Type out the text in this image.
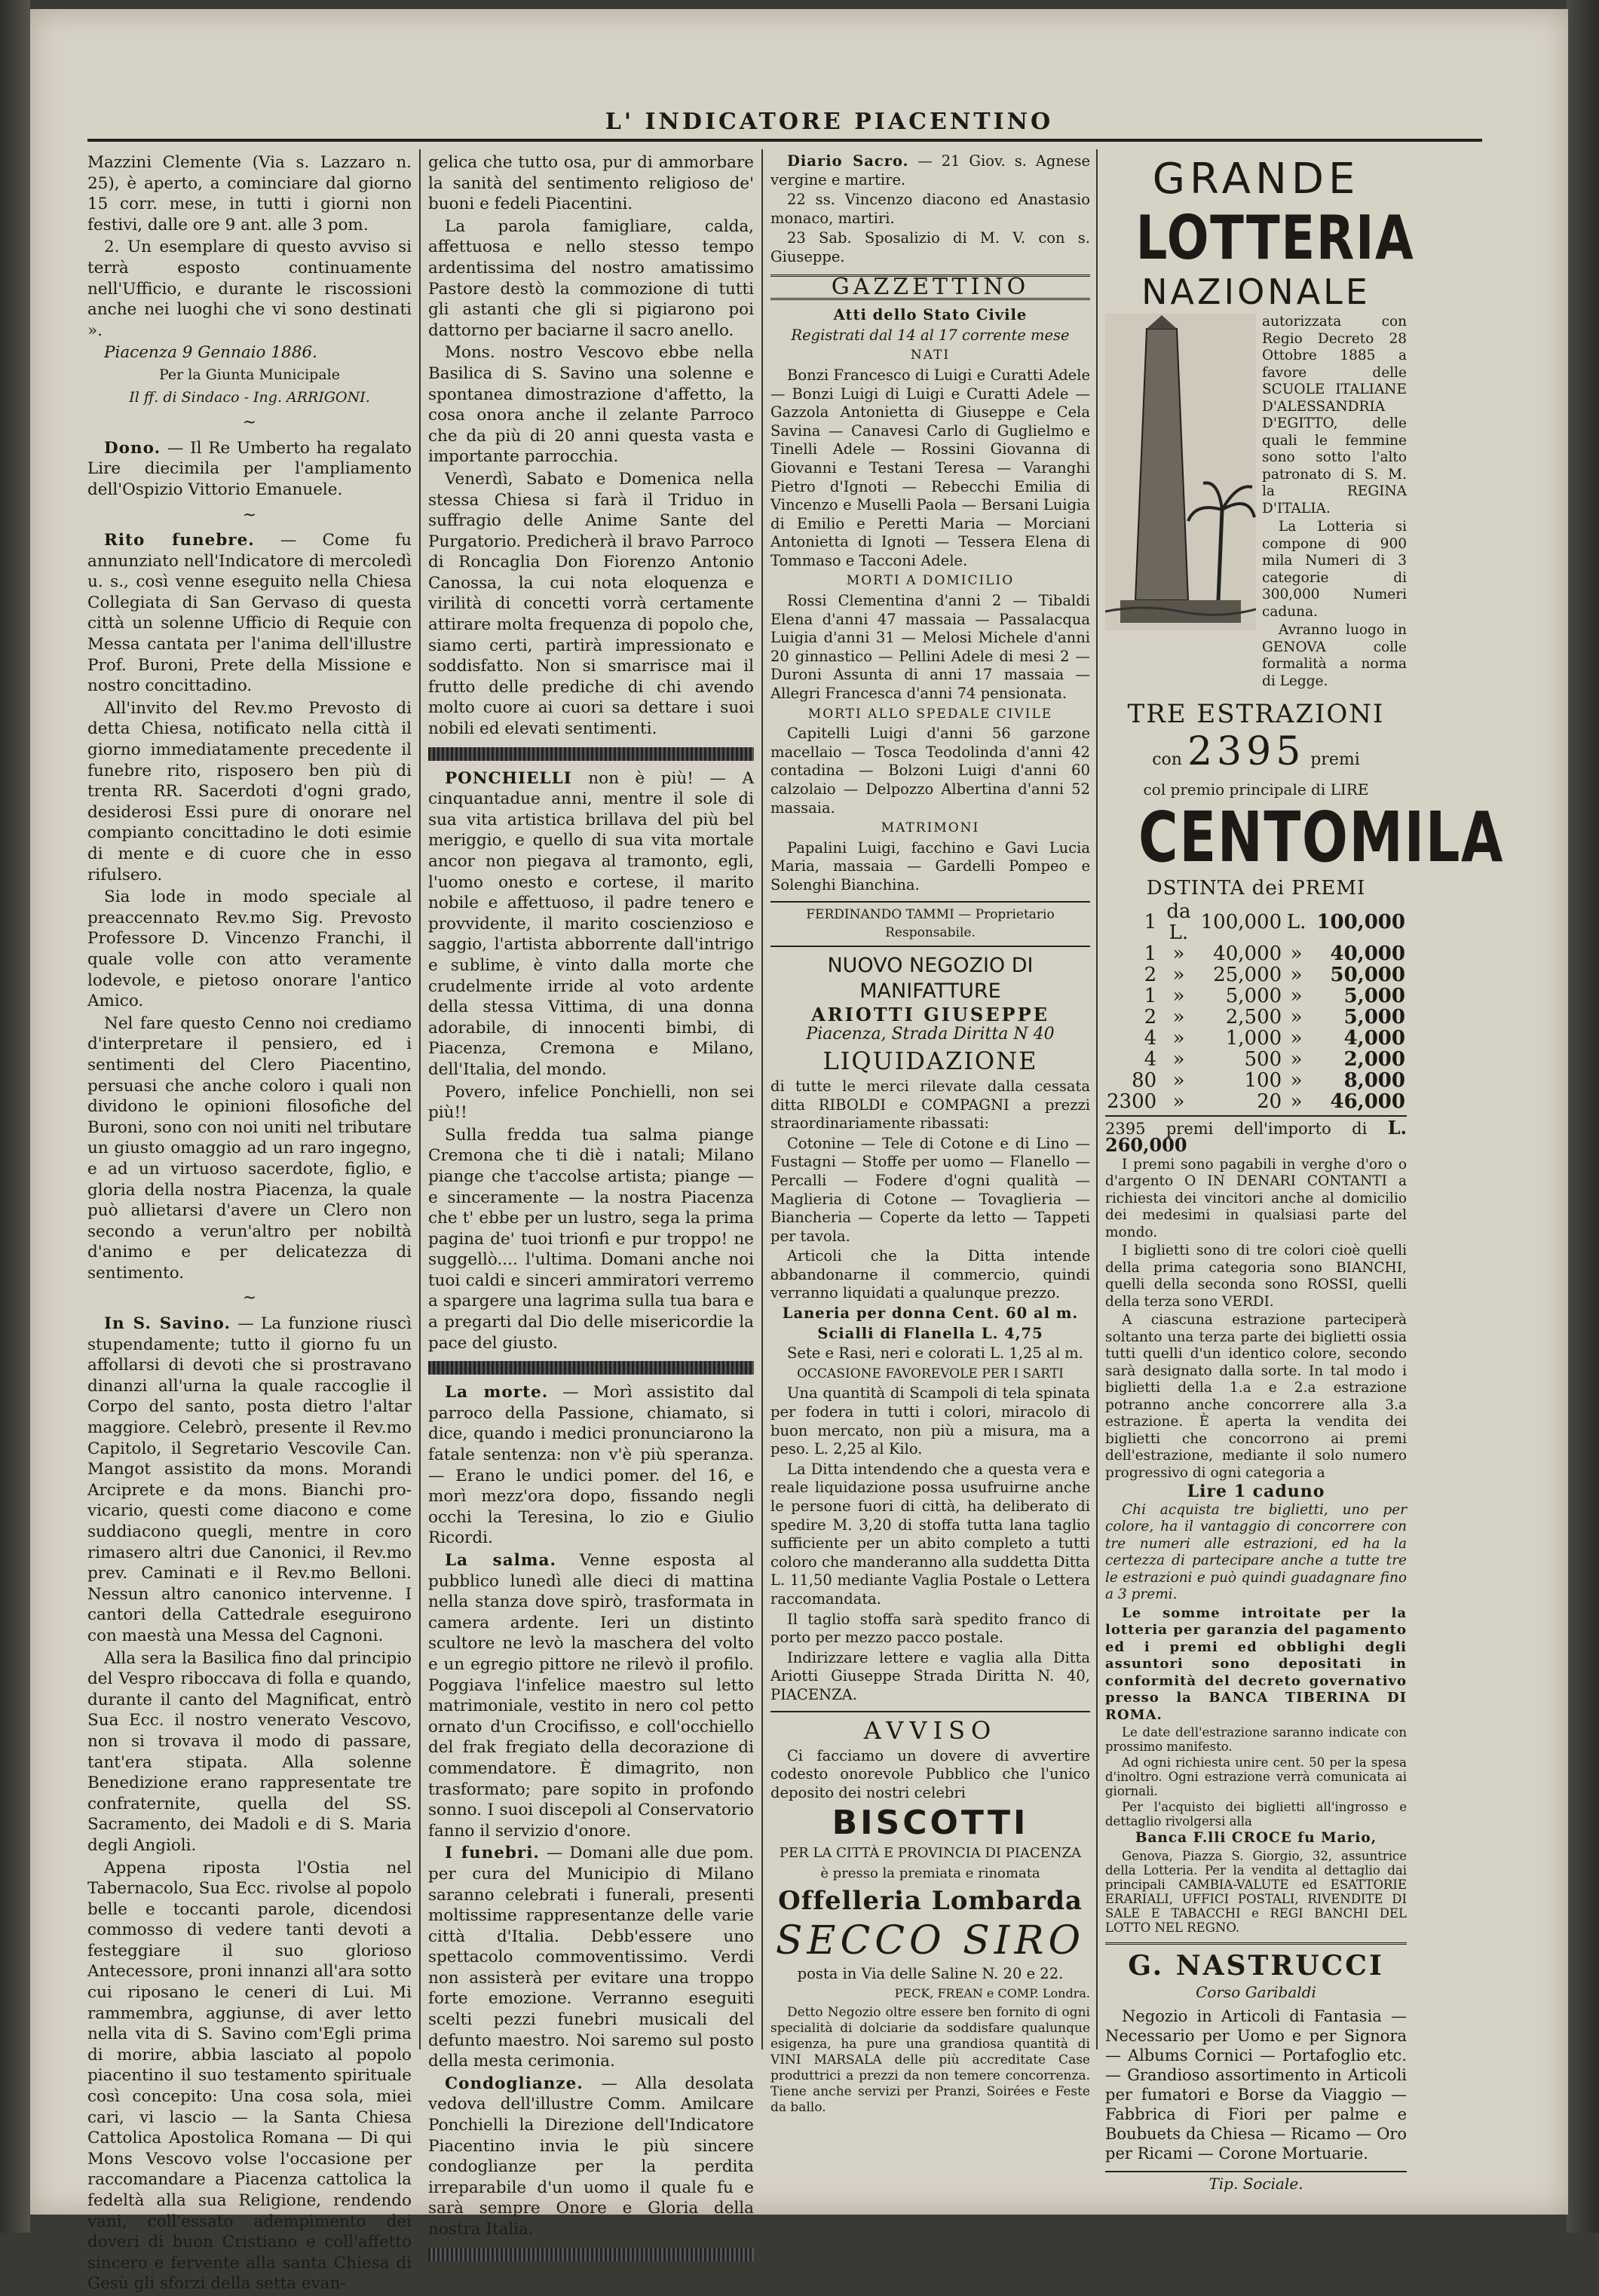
L' INDICATORE PIACENTINO

Mazzini Clemente (Via s. Lazzaro n. 25), è aperto, a cominciare dal giorno 15 corr. mese, in tutti i giorni non festivi, dalle ore 9 ant. alle 3 pom.

2. Un esemplare di questo avviso si terrà esposto continuamente nell'Ufficio, e durante le riscossioni anche nei luoghi che vi sono destinati ».

Piacenza 9 Gennaio 1886.

Per la Giunta Municipale

Il ff. di Sindaco - Ing. ARRIGONI.

~

Dono. — Il Re Umberto ha regalato Lire diecimila per l'ampliamento dell'Ospizio Vittorio Emanuele.

~

Rito funebre. — Come fu annunziato nell'Indicatore di mercoledì u. s., così venne eseguito nella Chiesa Collegiata di San Gervaso di questa città un solenne Ufficio di Requie con Messa cantata per l'anima dell'illustre Prof. Buroni, Prete della Missione e nostro concittadino.

All'invito del Rev.mo Prevosto di detta Chiesa, notificato nella città il giorno immediatamente precedente il funebre rito, risposero ben più di trenta RR. Sacerdoti d'ogni grado, desiderosi Essi pure di onorare nel compianto concittadino le doti esimie di mente e di cuore che in esso rifulsero.

Sia lode in modo speciale al preaccennato Rev.mo Sig. Prevosto Professore D. Vincenzo Franchi, il quale volle con atto veramente lodevole, e pietoso onorare l'antico Amico.

Nel fare questo Cenno noi crediamo d'interpretare il pensiero, ed i sentimenti del Clero Piacentino, persuasi che anche coloro i quali non dividono le opinioni filosofiche del Buroni, sono con noi uniti nel tributare un giusto omaggio ad un raro ingegno, e ad un virtuoso sacerdote, figlio, e gloria della nostra Piacenza, la quale può allietarsi d'avere un Clero non secondo a verun'altro per nobiltà d'animo e per delicatezza di sentimento.

~

In S. Savino. — La funzione riuscì stupendamente; tutto il giorno fu un affollarsi di devoti che si prostravano dinanzi all'urna la quale raccoglie il Corpo del santo, posta dietro l'altar maggiore. Celebrò, presente il Rev.mo Capitolo, il Segretario Vescovile Can. Mangot assistito da mons. Morandi Arciprete e da mons. Bianchi pro-vicario, questi come diacono e come suddiacono quegli, mentre in coro rimasero altri due Canonici, il Rev.mo prev. Caminati e il Rev.mo Belloni. Nessun altro canonico intervenne. I cantori della Cattedrale eseguirono con maestà una Messa del Cagnoni.

Alla sera la Basilica fino dal principio del Vespro riboccava di folla e quando, durante il canto del Magnificat, entrò Sua Ecc. il nostro venerato Vescovo, non si trovava il modo di passare, tant'era stipata. Alla solenne Benedizione erano rappresentate tre confraternite, quella del SS. Sacramento, dei Madoli e di S. Maria degli Angioli.

Appena riposta l'Ostia nel Tabernacolo, Sua Ecc. rivolse al popolo belle e toccanti parole, dicendosi commosso di vedere tanti devoti a festeggiare il suo glorioso Antecessore, proni innanzi all'ara sotto cui riposano le ceneri di Lui. Mi rammembra, aggiunse, di aver letto nella vita di S. Savino com'Egli prima di morire, abbia lasciato al popolo piacentino il suo testamento spirituale così concepito: Una cosa sola, miei cari, vi lascio — la Santa Chiesa Cattolica Apostolica Romana — Di qui Mons Vescovo volse l'occasione per raccomandare a Piacenza cattolica la fedeltà alla sua Religione, rendendo vani, coll'essato adempimento dei doveri di buon Cristiano e coll'affetto sincero e fervente alla santa Chiesa di Gesù gli sforzi della setta evan-

gelica che tutto osa, pur di ammorbare la sanità del sentimento religioso de' buoni e fedeli Piacentini.

La parola famigliare, calda, affettuosa e nello stesso tempo ardentissima del nostro amatissimo Pastore destò la commozione di tutti gli astanti che gli si pigiarono poi dattorno per baciarne il sacro anello.

Mons. nostro Vescovo ebbe nella Basilica di S. Savino una solenne e spontanea dimostrazione d'affetto, la cosa onora anche il zelante Parroco che da più di 20 anni questa vasta e importante parrocchia.

Venerdì, Sabato e Domenica nella stessa Chiesa si farà il Triduo in suffragio delle Anime Sante del Purgatorio. Predicherà il bravo Parroco di Roncaglia Don Fiorenzo Antonio Canossa, la cui nota eloquenza e virilità di concetti vorrà certamente attirare molta frequenza di popolo che, siamo certi, partirà impressionato e soddisfatto. Non si smarrisce mai il frutto delle prediche di chi avendo molto cuore ai cuori sa dettare i suoi nobili ed elevati sentimenti.

PONCHIELLI non è più! — A cinquantadue anni, mentre il sole di sua vita artistica brillava del più bel meriggio, e quello di sua vita mortale ancor non piegava al tramonto, egli, l'uomo onesto e cortese, il marito nobile e affettuoso, il padre tenero e provvidente, il marito coscienzioso e saggio, l'artista abborrente dall'intrigo e sublime, è vinto dalla morte che crudelmente irride al voto ardente della stessa Vittima, di una donna adorabile, di innocenti bimbi, di Piacenza, Cremona e Milano, dell'Italia, del mondo.

Povero, infelice Ponchielli, non sei più!!

Sulla fredda tua salma piange Cremona che ti diè i natali; Milano piange che t'accolse artista; piange — e sinceramente — la nostra Piacenza che t' ebbe per un lustro, sega la prima pagina de' tuoi trionfi e pur troppo! ne suggellò.... l'ultima. Domani anche noi tuoi caldi e sinceri ammiratori verremo a spargere una lagrima sulla tua bara e a pregarti dal Dio delle misericordie la pace del giusto.

La morte. — Morì assistito dal parroco della Passione, chiamato, si dice, quando i medici pronunciarono la fatale sentenza: non v'è più speranza. — Erano le undici pomer. del 16, e morì mezz'ora dopo, fissando negli occhi la Teresina, lo zio e Giulio Ricordi.

La salma. Venne esposta al pubblico lunedì alle dieci di mattina nella stanza dove spirò, trasformata in camera ardente. Ieri un distinto scultore ne levò la maschera del volto e un egregio pittore ne rilevò il profilo. Poggiava l'infelice maestro sul letto matrimoniale, vestito in nero col petto ornato d'un Crocifisso, e coll'occhiello del frak fregiato della decorazione di commendatore. È dimagrito, non trasformato; pare sopito in profondo sonno. I suoi discepoli al Conservatorio fanno il servizio d'onore.

I funebri. — Domani alle due pom. per cura del Municipio di Milano saranno celebrati i funerali, presenti moltissime rappresentanze delle varie città d'Italia. Debb'essere uno spettacolo commoventissimo. Verdi non assisterà per evitare una troppo forte emozione. Verranno eseguiti scelti pezzi funebri musicali del defunto maestro. Noi saremo sul posto della mesta cerimonia.

Condoglianze. — Alla desolata vedova dell'illustre Comm. Amilcare Ponchielli la Direzione dell'Indicatore Piacentino invia le più sincere condoglianze per la perdita irreparabile d'un uomo il quale fu e sarà sempre Onore e Gloria della nostra Italia.

Diario Sacro. — 21 Giov. s. Agnese vergine e martire.

22 ss. Vincenzo diacono ed Anastasio monaco, martiri.

23 Sab. Sposalizio di M. V. con s. Giuseppe.

GAZZETTINO

Atti dello Stato Civile

Registrati dal 14 al 17 corrente mese

NATI

Bonzi Francesco di Luigi e Curatti Adele — Bonzi Luigi di Luigi e Curatti Adele — Gazzola Antonietta di Giuseppe e Cela Savina — Canavesi Carlo di Guglielmo e Tinelli Adele — Rossini Giovanna di Giovanni e Testani Teresa — Varanghi Pietro d'Ignoti — Rebecchi Emilia di Vincenzo e Muselli Paola — Bersani Luigia di Emilio e Peretti Maria — Morciani Antonietta di Ignoti — Tessera Elena di Tommaso e Tacconi Adele.

MORTI A DOMICILIO

Rossi Clementina d'anni 2 — Tibaldi Elena d'anni 47 massaia — Passalacqua Luigia d'anni 31 — Melosi Michele d'anni 20 ginnastico — Pellini Adele di mesi 2 — Duroni Assunta di anni 17 massaia — Allegri Francesca d'anni 74 pensionata.

MORTI ALLO SPEDALE CIVILE

Capitelli Luigi d'anni 56 garzone macellaio — Tosca Teodolinda d'anni 42 contadina — Bolzoni Luigi d'anni 60 calzolaio — Delpozzo Albertina d'anni 52 massaia.

MATRIMONI

Papalini Luigi, facchino e Gavi Lucia Maria, massaia — Gardelli Pompeo e Solenghi Bianchina.

FERDINANDO TAMMI — Proprietario Responsabile.

NUOVO NEGOZIO DI MANIFATTURE

ARIOTTI GIUSEPPE

Piacenza, Strada Diritta N 40

LIQUIDAZIONE

di tutte le merci rilevate dalla cessata ditta RIBOLDI e COMPAGNI a prezzi straordinariamente ribassati:

Cotonine — Tele di Cotone e di Lino — Fustagni — Stoffe per uomo — Flanello — Percalli — Fodere d'ogni qualità — Maglieria di Cotone — Tovaglieria — Biancheria — Coperte da letto — Tappeti per tavola.

Articoli che la Ditta intende abbandonarne il commercio, quindi verranno liquidati a qualunque prezzo.

Laneria per donna Cent. 60 al m.

Scialli di Flanella L. 4,75

Sete e Rasi, neri e colorati L. 1,25 al m.

OCCASIONE FAVOREVOLE PER I SARTI

Una quantità di Scampoli di tela spinata per fodera in tutti i colori, miracolo di buon mercato, non più a misura, ma a peso. L. 2,25 al Kilo.

La Ditta intendendo che a questa vera e reale liquidazione possa usufruirne anche le persone fuori di città, ha deliberato di spedire M. 3,20 di stoffa tutta lana taglio sufficiente per un abito completo a tutti coloro che manderanno alla suddetta Ditta L. 11,50 mediante Vaglia Postale o Lettera raccomandata.

Il taglio stoffa sarà spedito franco di porto per mezzo pacco postale.

Indirizzare lettere e vaglia alla Ditta Ariotti Giuseppe Strada Diritta N. 40, PIACENZA.

AVVISO

Ci facciamo un dovere di avvertire codesto onorevole Pubblico che l'unico deposito dei nostri celebri

BISCOTTI

PER LA CITTÀ E PROVINCIA DI PIACENZA

è presso la premiata e rinomata

Offelleria Lombarda

SECCO SIRO

posta in Via delle Saline N. 20 e 22.

PECK, FREAN e COMP. Londra.

Detto Negozio oltre essere ben fornito di ogni specialità di dolciarie da soddisfare qualunque esigenza, ha pure una grandiosa quantità di VINI MARSALA delle più accreditate Case produttrici a prezzi da non temere concorrenza. Tiene anche servizi per Pranzi, Soirées e Feste da ballo.

GRANDE

LOTTERIA

NAZIONALE

autorizzata con Regio Decreto 28 Ottobre 1885 a favore delle SCUOLE ITALIANE D'ALESSANDRIA D'EGITTO, delle quali le femmine sono sotto l'alto patronato di S. M. la REGINA D'ITALIA.

La Lotteria si compone di 900 mila Numeri di 3 categorie di 300,000 Numeri caduna.

Avranno luogo in GENOVA colle formalità a norma di Legge.

TRE ESTRAZIONI

con 2395 premi

col premio principale di LIRE

CENTOMILA

DSTINTA dei PREMI

1	da L.	100,000	L.	100,000
1	»	40,000	»	40,000
2	»	25,000	»	50,000
1	»	5,000	»	5,000
2	»	2,500	»	5,000
4	»	1,000	»	4,000
4	»	500	»	2,000
80	»	100	»	8,000
2300	»	20	»	46,000

2395 premi dell'importo di L. 260,000

I premi sono pagabili in verghe d'oro o d'argento O IN DENARI CONTANTI a richiesta dei vincitori anche al domicilio dei medesimi in qualsiasi parte del mondo.

I biglietti sono di tre colori cioè quelli della prima categoria sono BIANCHI, quelli della seconda sono ROSSI, quelli della terza sono VERDI.

A ciascuna estrazione parteciperà soltanto una terza parte dei biglietti ossia tutti quelli d'un identico colore, secondo sarà designato dalla sorte. In tal modo i biglietti della 1.a e 2.a estrazione potranno anche concorrere alla 3.a estrazione. È aperta la vendita dei biglietti che concorrono ai premi dell'estrazione, mediante il solo numero progressivo di ogni categoria a

Lire 1 caduno

Chi acquista tre biglietti, uno per colore, ha il vantaggio di concorrere con tre numeri alle estrazioni, ed ha la certezza di partecipare anche a tutte tre le estrazioni e può quindi guadagnare fino a 3 premi.

Le somme introitate per la lotteria per garanzia del pagamento ed i premi ed obblighi degli assuntori sono depositati in conformità del decreto governativo presso la BANCA TIBERINA DI ROMA.

Le date dell'estrazione saranno indicate con prossimo manifesto.

Ad ogni richiesta unire cent. 50 per la spesa d'inoltro. Ogni estrazione verrà comunicata ai giornali.

Per l'acquisto dei biglietti all'ingrosso e dettaglio rivolgersi alla

Banca F.lli CROCE fu Mario,

Genova, Piazza S. Giorgio, 32, assuntrice della Lotteria. Per la vendita al dettaglio dai principali CAMBIA-VALUTE ed ESATTORIE ERARIALI, UFFICI POSTALI, RIVENDITE DI SALE E TABACCHI e REGI BANCHI DEL LOTTO NEL REGNO.

G. NASTRUCCI

Corso Garibaldi

Negozio in Articoli di Fantasia — Necessario per Uomo e per Signora — Albums Cornici — Portafoglio etc. — Grandioso assortimento in Articoli per fumatori e Borse da Viaggio — Fabbrica di Fiori per palme e Boubuets da Chiesa — Ricamo — Oro per Ricami — Corone Mortuarie.

Tip. Sociale.
